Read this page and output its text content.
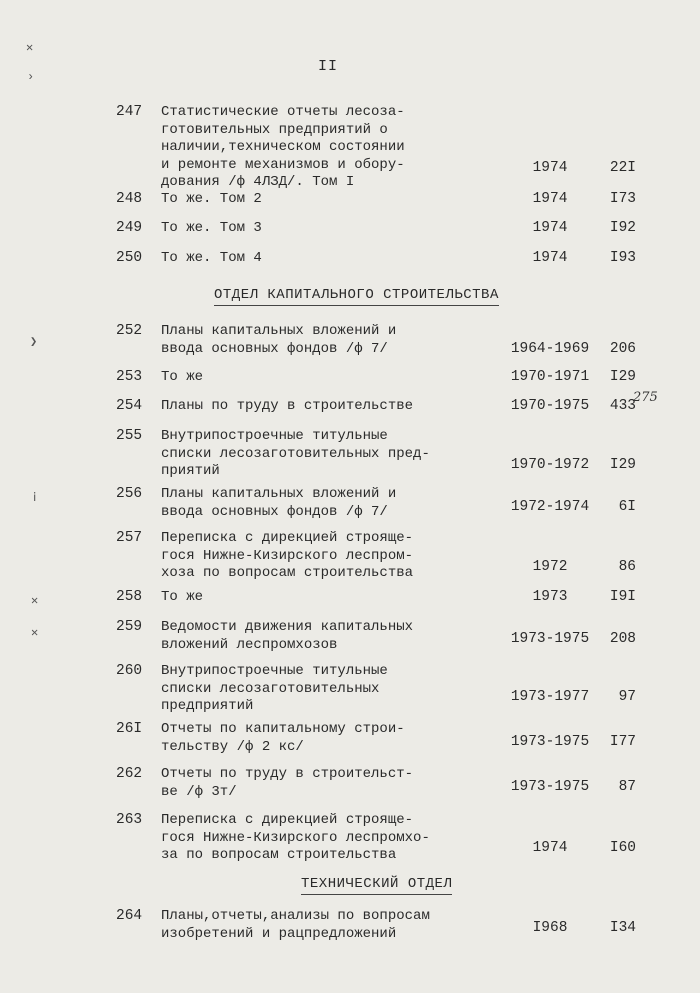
II
247 Статистические отчеты лесоза-
готовительных предприятий о
наличии,техническом состоянии
и ремонте механизмов и обору-
дования /ф 4ЛЗД/. Том I
1974	22I
248 То же. Том 2	1974	I73
249 То же. Том 3	1974	I92
250 То же. Том 4	1974	I93
ОТДЕЛ КАПИТАЛЬНОГО СТРОИТЕЛЬСТВА
252 Планы капитальных вложений и
ввода основных фондов /ф 7/	1964-1969	206
253 То же	1970-1971	I29
254 Планы по труду в строительстве	1970-1975	433
275
255 Внутрипостроечные титульные
списки лесозаготовительных пред-
приятий	1970-1972	I29
256 Планы капитальных вложений и
ввода основных фондов /ф 7/	1972-1974	6I
257 Переписка с дирекцией строяще-
гося Нижне-Кизирского леспром-
хоза по вопросам строительства	1972	86
258 То же	1973	I9I
259 Ведомости движения капитальных
вложений леспромхозов	1973-1975	208
260 Внутрипостроечные титульные
списки лесозаготовительных
предприятий
1973-1977	97
26I Отчеты по капитальному строи-
тельству /ф 2 кс/	1973-1975	I77
262 Отчеты по труду в строительст-
ве /ф 3т/	1973-1975	87
263 Переписка с дирекцией строяще-
гося Нижне-Кизирского леспромхо-
за по вопросам строительства	1974	I60
ТЕХНИЧЕСКИЙ ОТДЕЛ
264 Планы,отчеты,анализы по вопросам
изобретений и рацпредложений	I968	I34
✕
›
❯
ⅰ
✕
✕
